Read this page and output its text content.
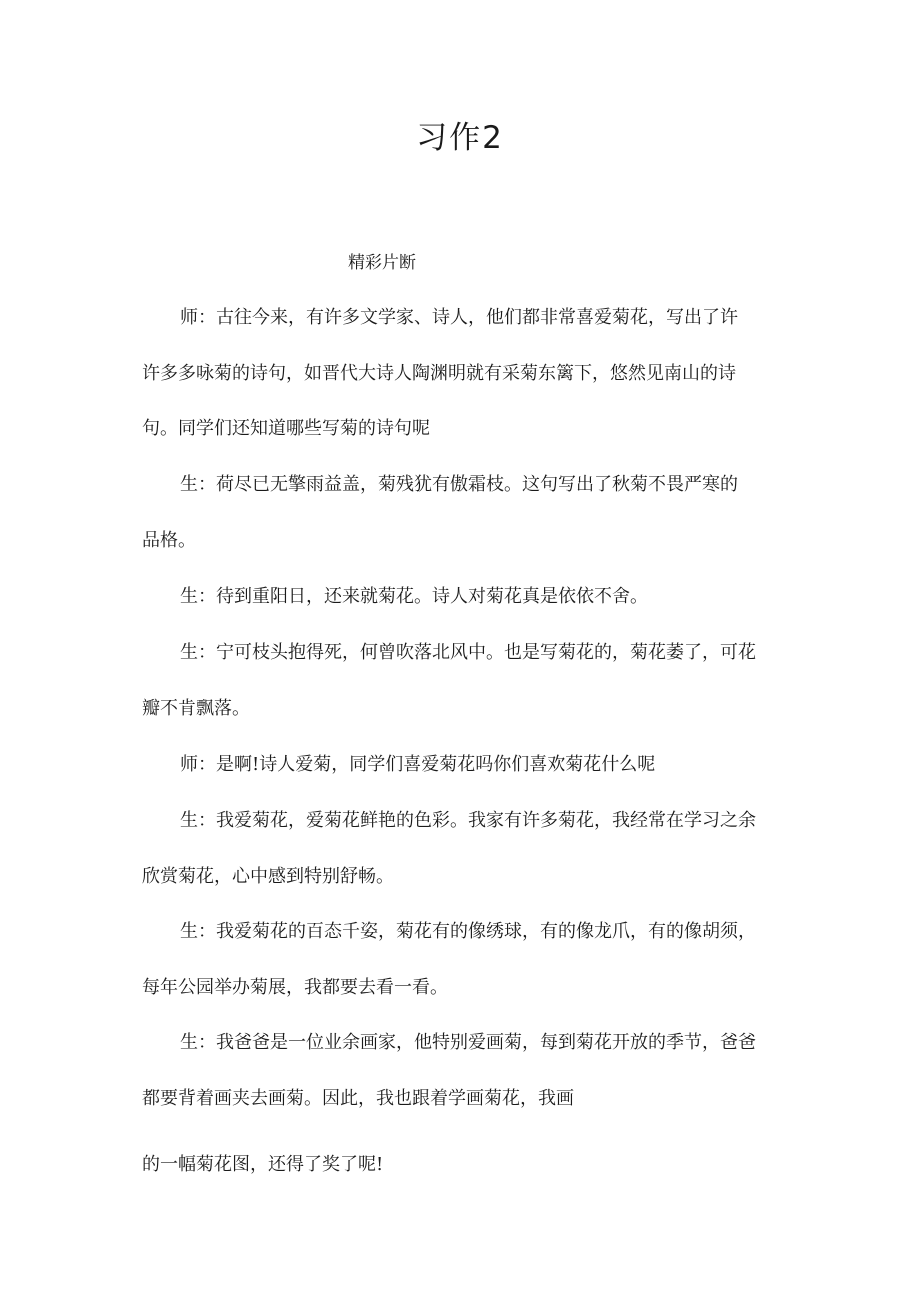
习作2

精彩片断

师：古往今来，有许多文学家、诗人，他们都非常喜爱菊花，写出了许

许多多咏菊的诗句，如晋代大诗人陶渊明就有采菊东篱下，悠然见南山的诗

句。同学们还知道哪些写菊的诗句呢

生：荷尽已无擎雨益盖，菊残犹有傲霜枝。这句写出了秋菊不畏严寒的

品格。

生：待到重阳日，还来就菊花。诗人对菊花真是依依不舍。

生：宁可枝头抱得死，何曾吹落北风中。也是写菊花的，菊花萎了，可花

瓣不肯飘落。

师：是啊!诗人爱菊，同学们喜爱菊花吗你们喜欢菊花什么呢

生：我爱菊花，爱菊花鲜艳的色彩。我家有许多菊花，我经常在学习之余

欣赏菊花，心中感到特别舒畅。

生：我爱菊花的百态千姿，菊花有的像绣球，有的像龙爪，有的像胡须，

每年公园举办菊展，我都要去看一看。

生：我爸爸是一位业余画家，他特别爱画菊，每到菊花开放的季节，爸爸

都要背着画夹去画菊。因此，我也跟着学画菊花，我画

的一幅菊花图，还得了奖了呢!
